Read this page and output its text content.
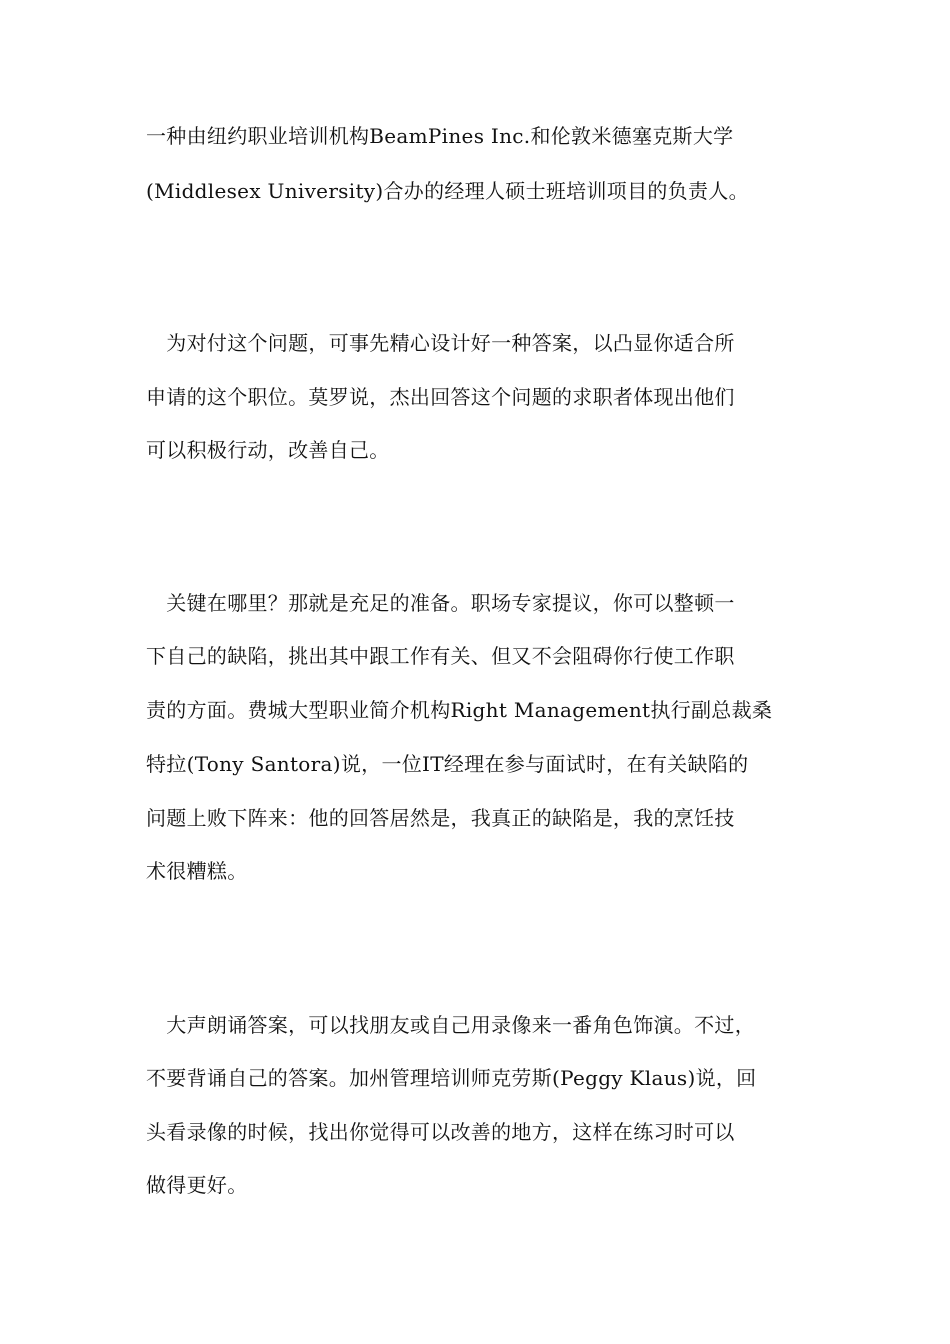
一种由纽约职业培训机构BeamPines Inc.和伦敦米德塞克斯大学
(Middlesex University)合办的经理人硕士班培训项目的负责人。
　为对付这个问题，可事先精心设计好一种答案，以凸显你适合所
申请的这个职位。莫罗说，杰出回答这个问题的求职者体现出他们
可以积极行动，改善自己。
　关键在哪里？那就是充足的准备。职场专家提议，你可以整顿一
下自己的缺陷，挑出其中跟工作有关、但又不会阻碍你行使工作职
责的方面。费城大型职业简介机构Right Management执行副总裁桑
特拉(Tony Santora)说，一位IT经理在参与面试时，在有关缺陷的
问题上败下阵来：他的回答居然是，我真正的缺陷是，我的烹饪技
术很糟糕。
　大声朗诵答案，可以找朋友或自己用录像来一番角色饰演。不过，
不要背诵自己的答案。加州管理培训师克劳斯(Peggy Klaus)说，回
头看录像的时候，找出你觉得可以改善的地方，这样在练习时可以
做得更好。
